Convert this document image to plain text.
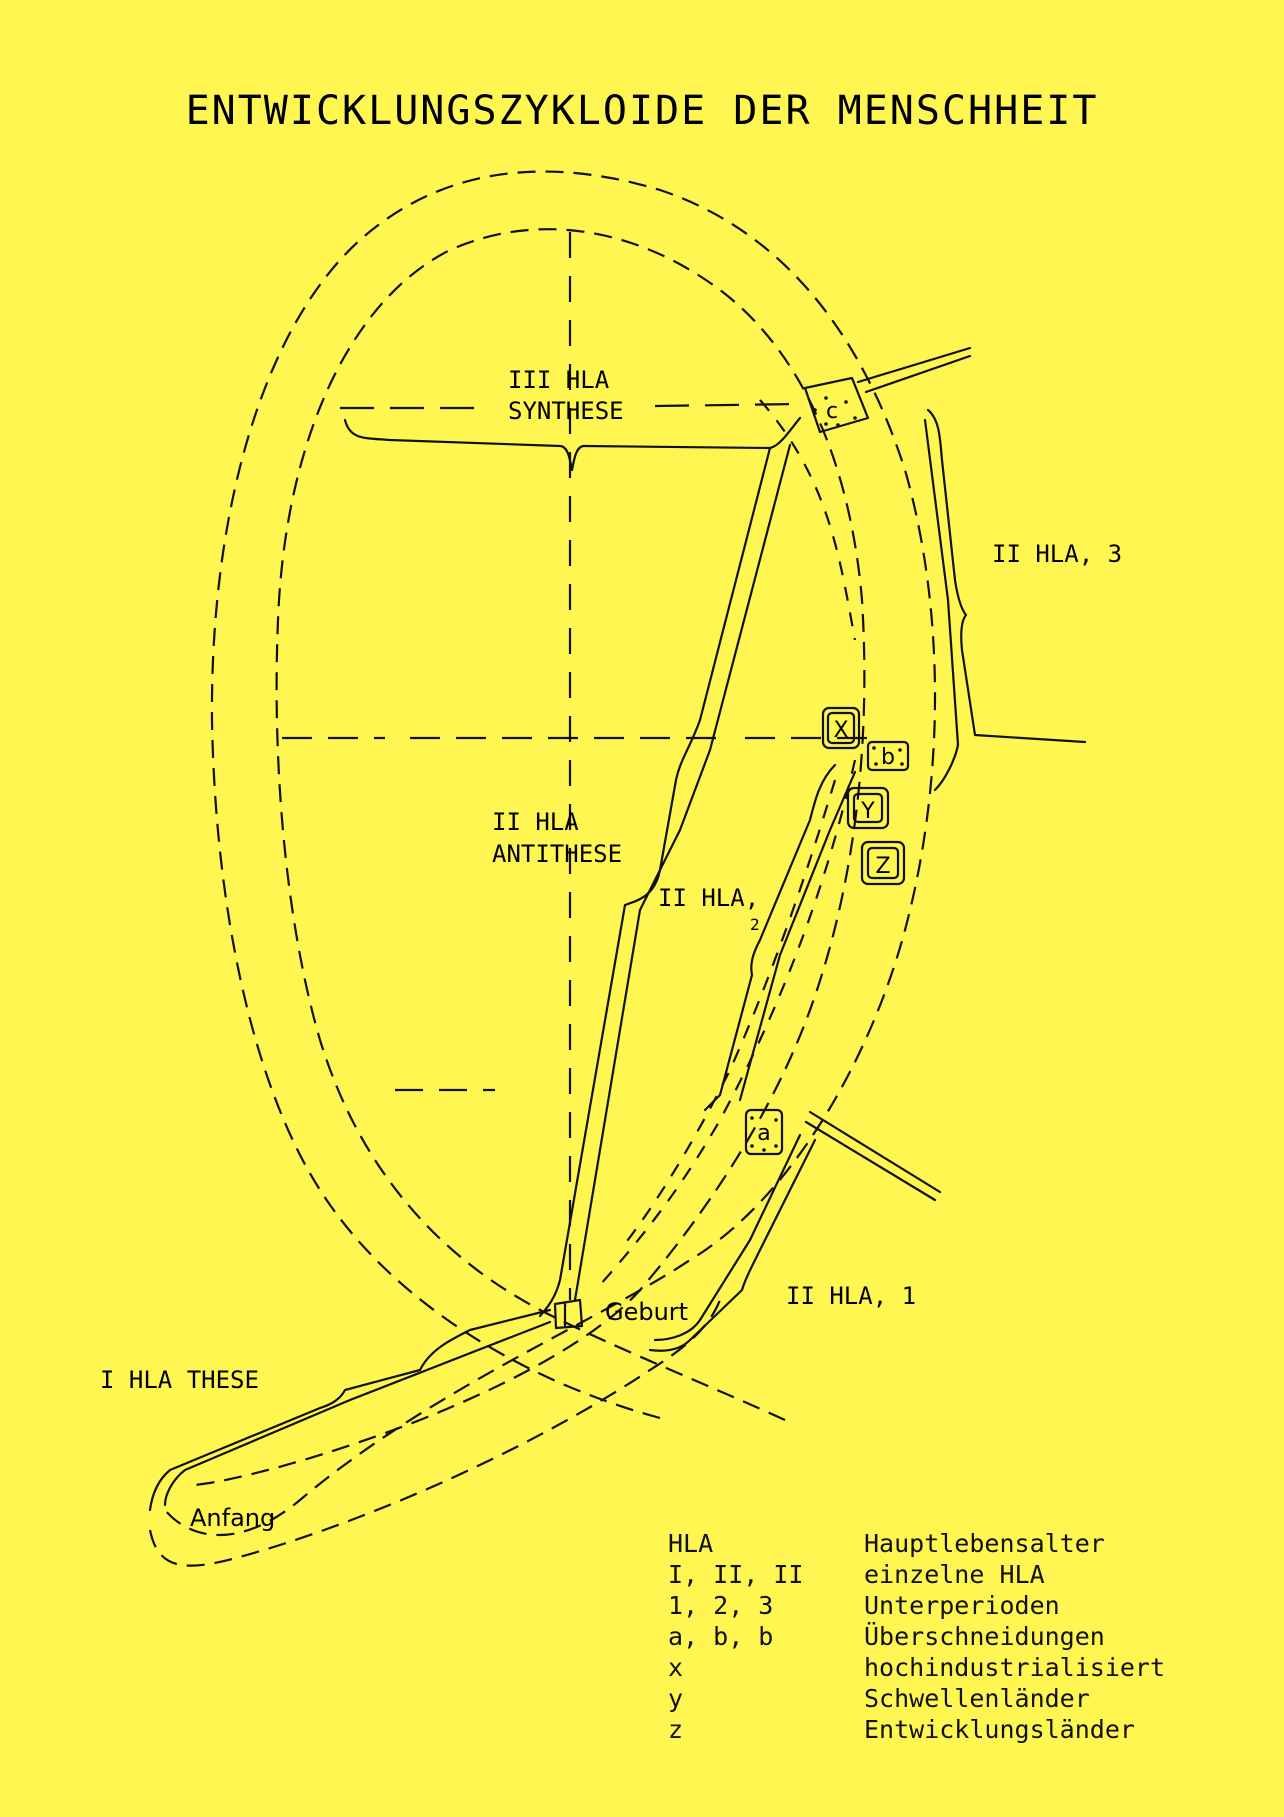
ENTWICKLUNGSZYKLOIDE DER MENSCHHEIT
c
X
b
Y
Z
a
III HLA
SYNTHESE
II HLA
ANTITHESE
II HLA, 3
II HLA,
2
II HLA, 1
I HLA THESE
Geburt
Anfang
HLA	Hauptlebensalter
I, II, II	einzelne HLA
1, 2, 3	Unterperioden
a, b, b	Überschneidungen
x	hochindustrialisiert
y	Schwellenländer
z	Entwicklungsländer
